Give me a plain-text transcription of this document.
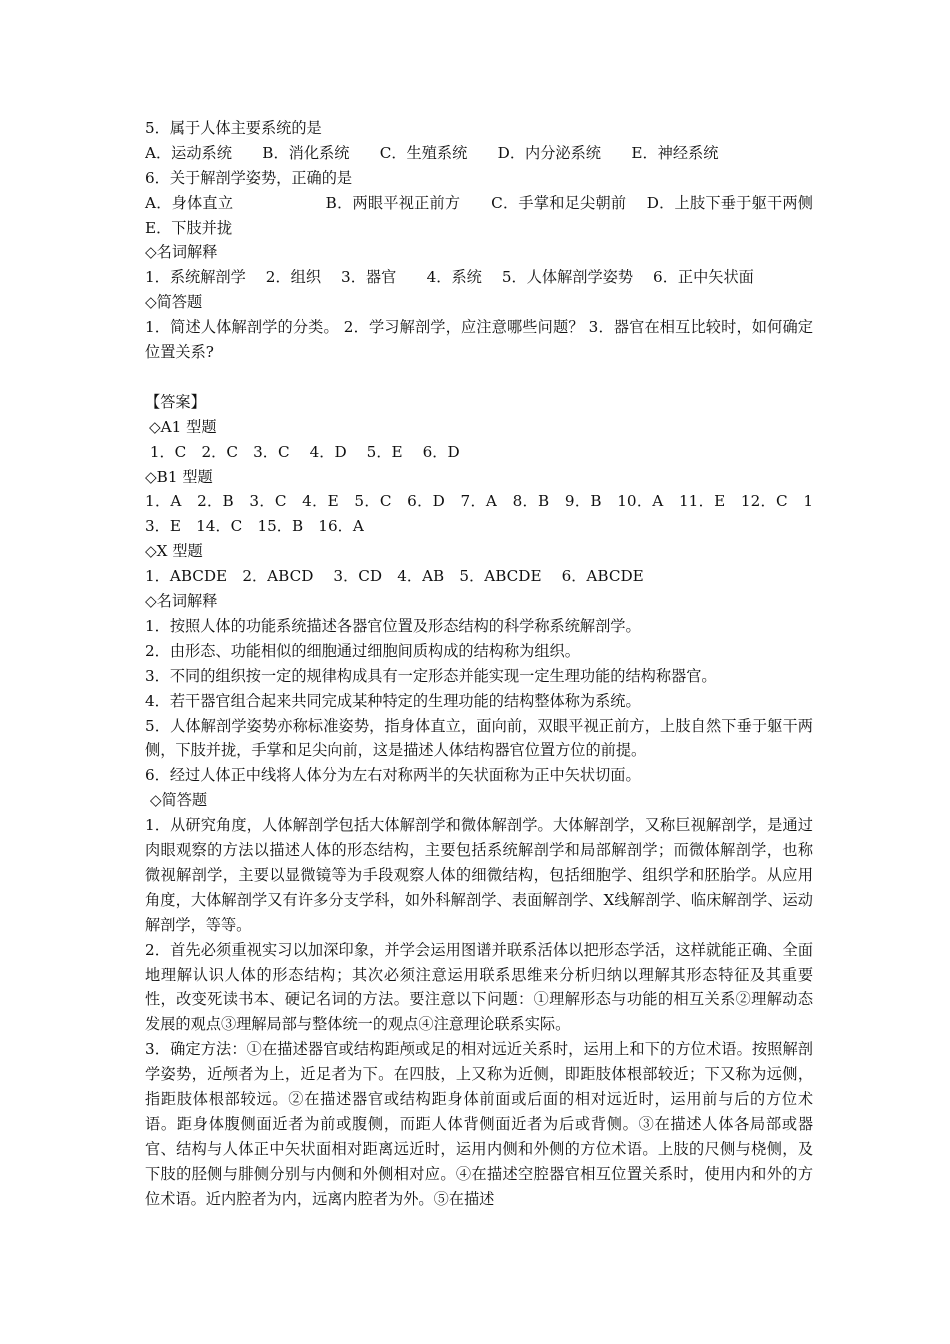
5．属于人体主要系统的是
A．运动系统　　B．消化系统　　C．生殖系统　　D．内分泌系统　　E．神经系统
6．关于解剖学姿势，正确的是
A．身体直立　　　　　　B．两眼平视正前方　　C．手掌和足尖朝前　 D．上肢下垂于躯干两侧　　E．下肢并拢
◇名词解释
1．系统解剖学　 2．组织　 3．器官　　4．系统　 5．人体解剖学姿势　 6．正中矢状面
◇简答题
1．简述人体解剖学的分类。 2．学习解剖学，应注意哪些问题？ 3．器官在相互比较时，如何确定位置关系?
【答案】
◇A1 型题
1．C　2．C　3．C　 4．D　 5．E　 6．D
◇B1 型题
1．A　2．B　3．C　4．E　5．C　6．D　7．A　8．B　9．B　10．A　11．E　12．C　13．E　14．C　15．B　16．A
◇X 型题
1．ABCDE　2．ABCD　 3．CD　4．AB　5．ABCDE　 6．ABCDE
◇名词解释
1．按照人体的功能系统描述各器官位置及形态结构的科学称系统解剖学。
2．由形态、功能相似的细胞通过细胞间质构成的结构称为组织。
3．不同的组织按一定的规律构成具有一定形态并能实现一定生理功能的结构称器官。
4．若干器官组合起来共同完成某种特定的生理功能的结构整体称为系统。
5．人体解剖学姿势亦称标准姿势，指身体直立，面向前，双眼平视正前方，上肢自然下垂于躯干两侧，下肢并拢，手掌和足尖向前，这是描述人体结构器官位置方位的前提。
6．经过人体正中线将人体分为左右对称两半的矢状面称为正中矢状切面。
◇简答题
1．从研究角度，人体解剖学包括大体解剖学和微体解剖学。大体解剖学，又称巨视解剖学，是通过肉眼观察的方法以描述人体的形态结构，主要包括系统解剖学和局部解剖学；而微体解剖学，也称微视解剖学，主要以显微镜等为手段观察人体的细微结构，包括细胞学、组织学和胚胎学。从应用角度，大体解剖学又有许多分支学科，如外科解剖学、表面解剖学、X线解剖学、临床解剖学、运动解剖学，等等。
2．首先必须重视实习以加深印象，并学会运用图谱并联系活体以把形态学活，这样就能正确、全面地理解认识人体的形态结构；其次必须注意运用联系思维来分析归纳以理解其形态特征及其重要性，改变死读书本、硬记名词的方法。要注意以下问题：①理解形态与功能的相互关系②理解动态发展的观点③理解局部与整体统一的观点④注意理论联系实际。
3．确定方法：①在描述器官或结构距颅或足的相对远近关系时，运用上和下的方位术语。按照解剖学姿势，近颅者为上，近足者为下。在四肢，上又称为近侧，即距肢体根部较近；下又称为远侧，指距肢体根部较远。②在描述器官或结构距身体前面或后面的相对远近时，运用前与后的方位术语。距身体腹侧面近者为前或腹侧，而距人体背侧面近者为后或背侧。③在描述人体各局部或器官、结构与人体正中矢状面相对距离远近时，运用内侧和外侧的方位术语。上肢的尺侧与桡侧，及下肢的胫侧与腓侧分别与内侧和外侧相对应。④在描述空腔器官相互位置关系时，使用内和外的方位术语。近内腔者为内，远离内腔者为外。⑤在描述
